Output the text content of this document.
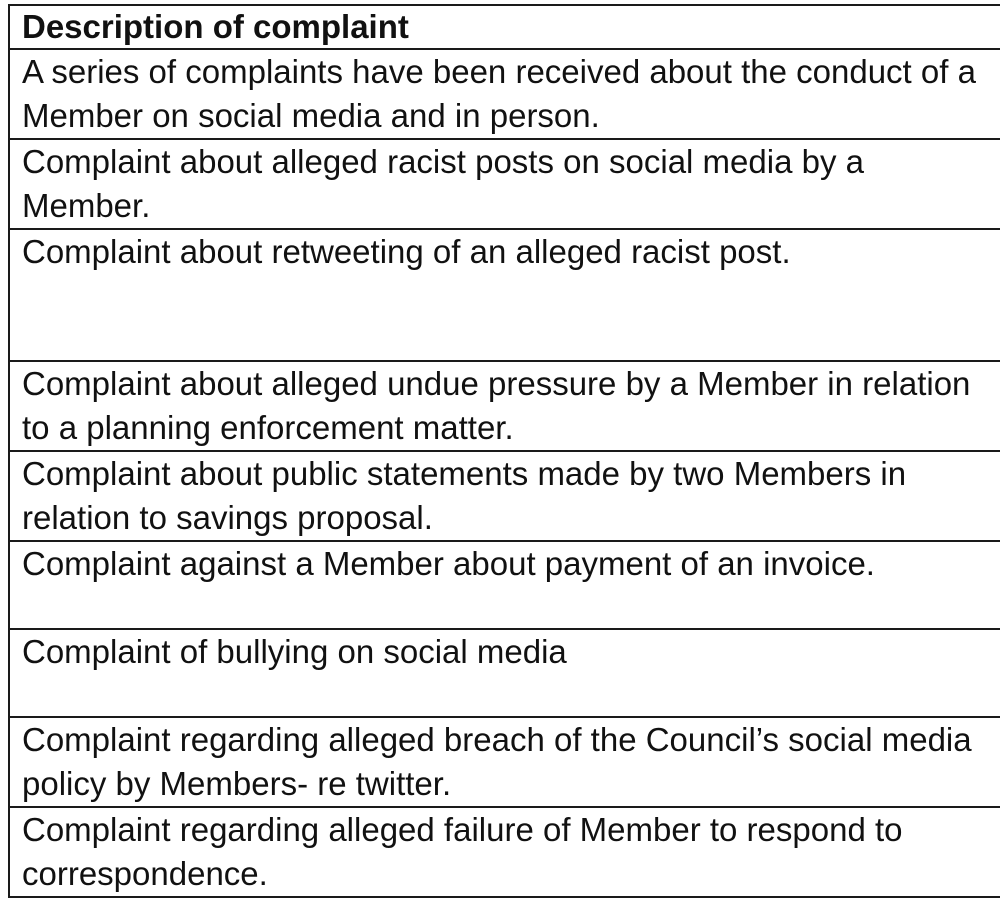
Description of complaint
A series of complaints have been received about the conduct of a Member on social media and in person.
Complaint about alleged racist posts on social media by a Member.
Complaint about retweeting of an alleged racist post.
Complaint about alleged undue pressure by a Member in relation to a planning enforcement matter.
Complaint about public statements made by two Members in relation to savings proposal.
Complaint against a Member about payment of an invoice.
Complaint of bullying on social media
Complaint regarding alleged breach of the Council’s social media policy by Members- re twitter.
Complaint regarding alleged failure of Member to respond to correspondence.
